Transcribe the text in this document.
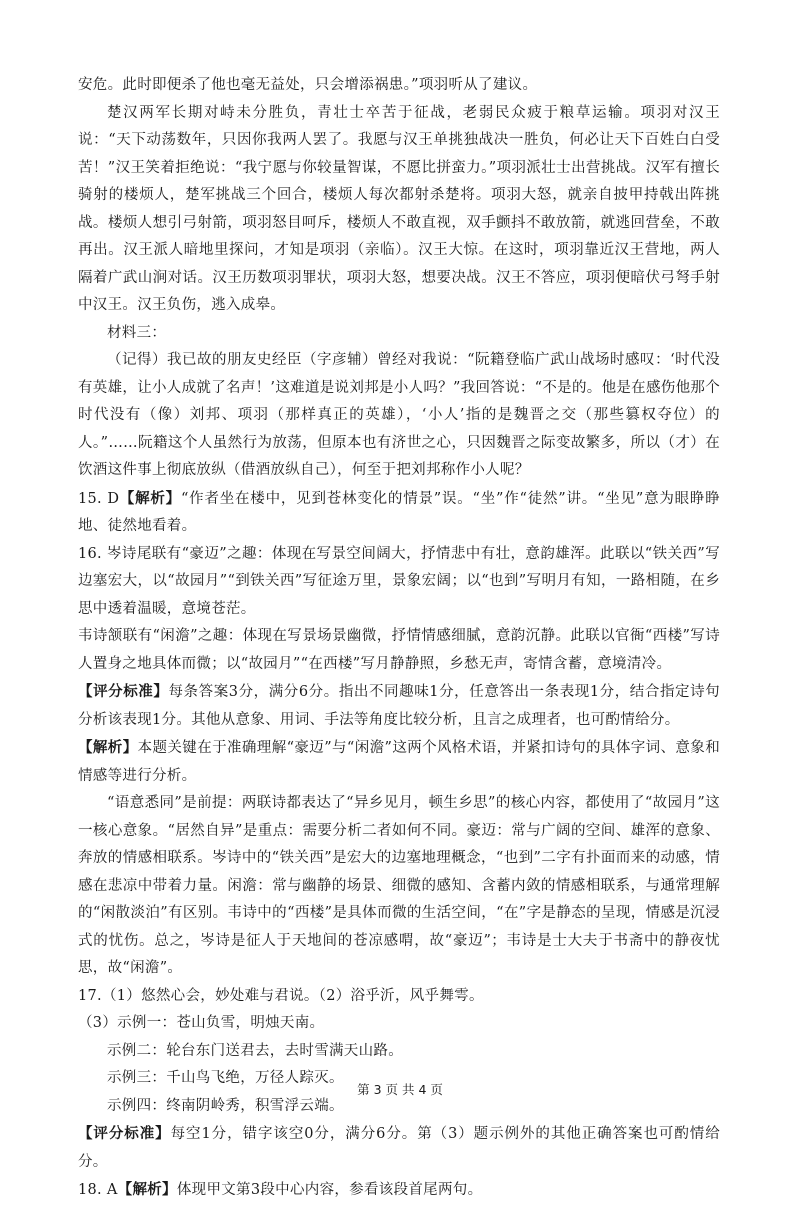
安危。此时即便杀了他也毫无益处，只会增添祸患。”项羽听从了建议。

楚汉两军长期对峙未分胜负，青壮士卒苦于征战，老弱民众疲于粮草运输。项羽对汉王说：“天下动荡数年，只因你我两人罢了。我愿与汉王单挑独战决一胜负，何必让天下百姓白白受苦！”汉王笑着拒绝说：“我宁愿与你较量智谋，不愿比拼蛮力。”项羽派壮士出营挑战。汉军有擅长骑射的楼烦人，楚军挑战三个回合，楼烦人每次都射杀楚将。项羽大怒，就亲自披甲持戟出阵挑战。楼烦人想引弓射箭，项羽怒目呵斥，楼烦人不敢直视，双手颤抖不敢放箭，就逃回营垒，不敢再出。汉王派人暗地里探问，才知是项羽（亲临）。汉王大惊。在这时，项羽靠近汉王营地，两人隔着广武山涧对话。汉王历数项羽罪状，项羽大怒，想要决战。汉王不答应，项羽便暗伏弓弩手射中汉王。汉王负伤，逃入成皋。

材料三：

（记得）我已故的朋友史经臣（字彦辅）曾经对我说：“阮籍登临广武山战场时感叹：‘时代没有英雄，让小人成就了名声！’这难道是说刘邦是小人吗？”我回答说：“不是的。他是在感伤他那个时代没有（像）刘邦、项羽（那样真正的英雄），‘小人’指的是魏晋之交（那些篡权夺位）的人。”……阮籍这个人虽然行为放荡，但原本也有济世之心，只因魏晋之际变故繁多，所以（才）在饮酒这件事上彻底放纵（借酒放纵自己），何至于把刘邦称作小人呢？

15. D【解析】“作者坐在楼中，见到苍林变化的情景”误。“坐”作“徒然”讲。“坐见”意为眼睁睁地、徒然地看着。

16. 岑诗尾联有“豪迈”之趣：体现在写景空间阔大，抒情悲中有壮，意韵雄浑。此联以“铁关西”写边塞宏大，以“故园月”“到铁关西”写征途万里，景象宏阔；以“也到”写明月有知，一路相随，在乡思中透着温暖，意境苍茫。

韦诗颔联有“闲澹”之趣：体现在写景场景幽微，抒情情感细腻，意韵沉静。此联以官衙“西楼”写诗人置身之地具体而微；以“故园月”“在西楼”写月静静照，乡愁无声，寄情含蓄，意境清冷。

【评分标准】每条答案3分，满分6分。指出不同趣味1分，任意答出一条表现1分，结合指定诗句分析该表现1分。其他从意象、用词、手法等角度比较分析，且言之成理者，也可酌情给分。

【解析】本题关键在于准确理解“豪迈”与“闲澹”这两个风格术语，并紧扣诗句的具体字词、意象和情感等进行分析。

“语意悉同”是前提：两联诗都表达了“异乡见月，顿生乡思”的核心内容，都使用了“故园月”这一核心意象。“居然自异”是重点：需要分析二者如何不同。豪迈：常与广阔的空间、雄浑的意象、奔放的情感相联系。岑诗中的“铁关西”是宏大的边塞地理概念，“也到”二字有扑面而来的动感，情感在悲凉中带着力量。闲澹：常与幽静的场景、细微的感知、含蓄内敛的情感相联系，与通常理解的“闲散淡泊”有区别。韦诗中的“西楼”是具体而微的生活空间，“在”字是静态的呈现，情感是沉浸式的忧伤。总之，岑诗是征人于天地间的苍凉感喟，故“豪迈”；韦诗是士大夫于书斋中的静夜忧思，故“闲澹”。

17.（1）悠然心会，妙处难与君说。（2）浴乎沂，风乎舞雩。

（3）示例一：苍山负雪，明烛天南。

示例二：轮台东门送君去，去时雪满天山路。

示例三：千山鸟飞绝，万径人踪灭。

示例四：终南阴岭秀，积雪浮云端。

【评分标准】每空1分，错字该空0分，满分6分。第（3）题示例外的其他正确答案也可酌情给分。

18. A【解析】体现甲文第3段中心内容，参看该段首尾两句。

第 3 页 共 4 页
